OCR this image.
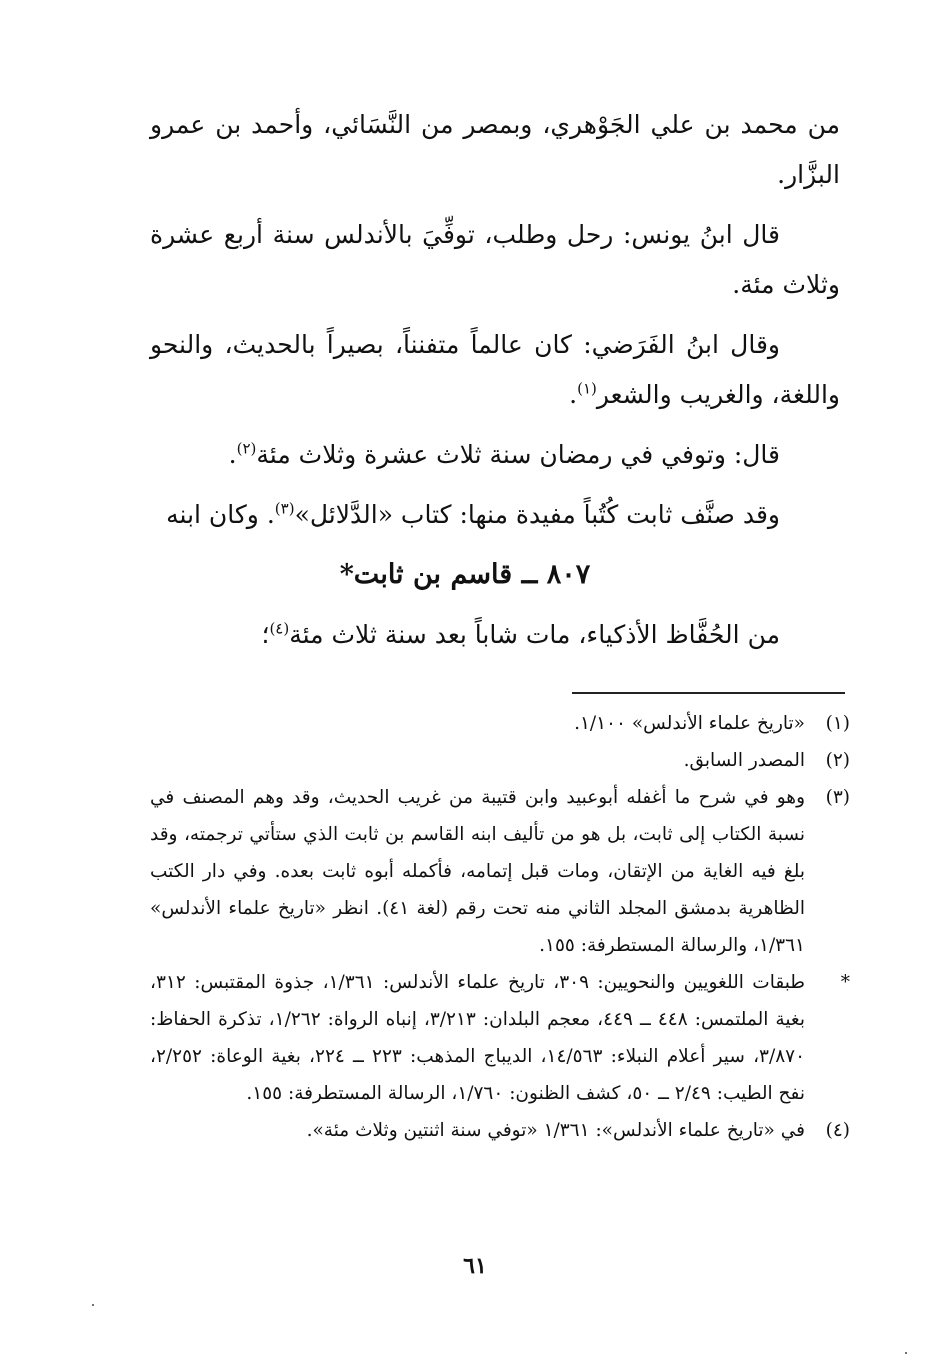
من محمد بن علي الجَوْهري، وبمصر من النَّسَائي، وأحمد بن عمرو البزَّار.

قال ابنُ يونس: رحل وطلب، توفِّيَ بالأندلس سنة أربع عشرة وثلاث مئة.

وقال ابنُ الفَرَضي: كان عالماً متفنناً، بصيراً بالحديث، والنحو واللغة، والغريب والشعر$^{(١)}$.

قال: وتوفي في رمضان سنة ثلاث عشرة وثلاث مئة$^{(٢)}$.

وقد صنَّف ثابت كُتُباً مفيدة منها: كتاب «الدَّلائل»$^{(٣)}$. وكان ابنه

٨٠٧ ــ قاسم بن ثابت*

من الحُفَّاظ الأذكياء، مات شاباً بعد سنة ثلاث مئة$^{(٤)}$؛

(١)
«تاريخ علماء الأندلس» ١/١٠٠.
(٢)
المصدر السابق.
(٣)
وهو في شرح ما أغفله أبوعبيد وابن قتيبة من غريب الحديث، وقد وهم المصنف في نسبة الكتاب إلى ثابت، بل هو من تأليف ابنه القاسم بن ثابت الذي ستأتي ترجمته، وقد بلغ فيه الغاية من الإتقان، ومات قبل إتمامه، فأكمله أبوه ثابت بعده. وفي دار الكتب الظاهرية بدمشق المجلد الثاني منه تحت رقم (لغة ٤١). انظر «تاريخ علماء الأندلس» ١/٣٦١، والرسالة المستطرفة: ١٥٥.
*
طبقات اللغويين والنحويين: ٣٠٩، تاريخ علماء الأندلس: ١/٣٦١، جذوة المقتبس: ٣١٢، بغية الملتمس: ٤٤٨ ــ ٤٤٩، معجم البلدان: ٣/٢١٣، إنباه الرواة: ١/٢٦٢، تذكرة الحفاظ: ٣/٨٧٠، سير أعلام النبلاء: ١٤/٥٦٣، الديباج المذهب: ٢٢٣ ــ ٢٢٤، بغية الوعاة: ٢/٢٥٢، نفح الطيب: ٢/٤٩ ــ ٥٠، كشف الظنون: ١/٧٦٠، الرسالة المستطرفة: ١٥٥.
(٤)
في «تاريخ علماء الأندلس»: ١/٣٦١ «توفي سنة اثنتين وثلاث مئة».
٦١
